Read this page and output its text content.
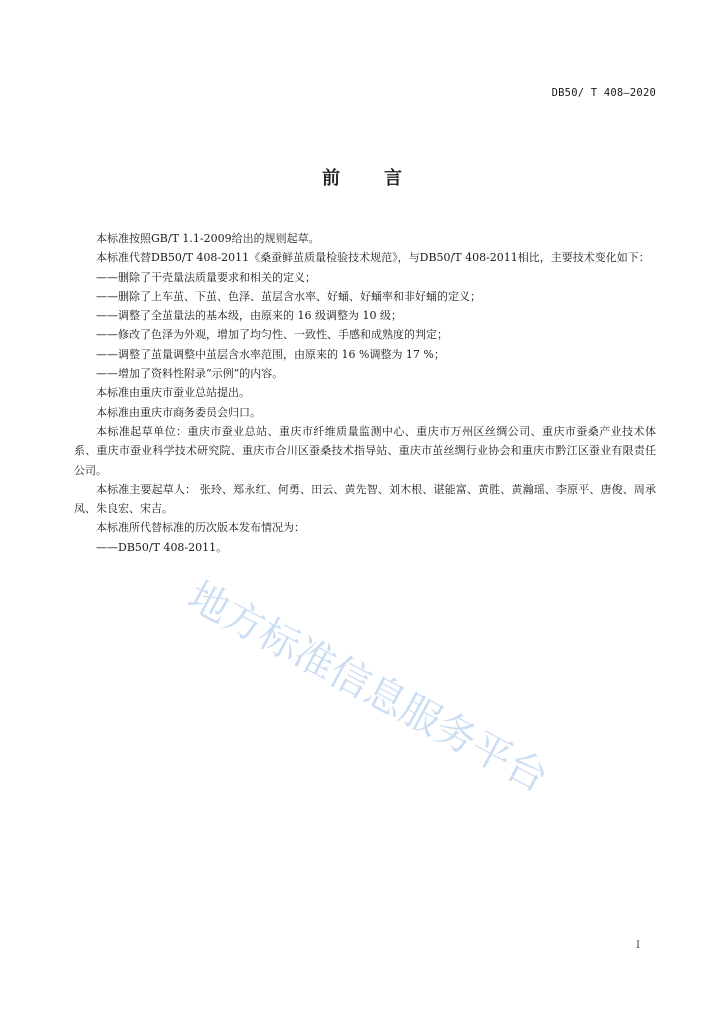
DB50/ T 408—2020
前 言

本标准按照GB/T 1.1-2009给出的规则起草。

本标准代替DB50/T 408-2011《桑蚕鲜茧质量检验技术规范》，与DB50/T 408-2011相比，主要技术变化如下：

——删除了干壳量法质量要求和相关的定义；

——删除了上车茧、下茧、色泽、茧层含水率、好蛹、好蛹率和非好蛹的定义；

——调整了全茧量法的基本级，由原来的 16 级调整为 10 级；

——修改了色泽为外观，增加了均匀性、一致性、手感和成熟度的判定；

——调整了茧量调整中茧层含水率范围，由原来的 16 %调整为 17 %；

——增加了资料性附录“示例”的内容。

本标准由重庆市蚕业总站提出。

本标准由重庆市商务委员会归口。

本标准起草单位：重庆市蚕业总站、重庆市纤维质量监测中心、重庆市万州区丝绸公司、重庆市蚕桑产业技术体系、重庆市蚕业科学技术研究院、重庆市合川区蚕桑技术指导站、重庆市茧丝绸行业协会和重庆市黔江区蚕业有限责任公司。

本标准主要起草人： 张玲、郑永红、何勇、田云、黄先智、刘木根、谌能富、黄胜、黄瀚瑶、李原平、唐俊、周承凤、朱良宏、宋吉。

本标准所代替标准的历次版本发布情况为：

——DB50/T 408-2011。

地方标准信息服务平台
I
